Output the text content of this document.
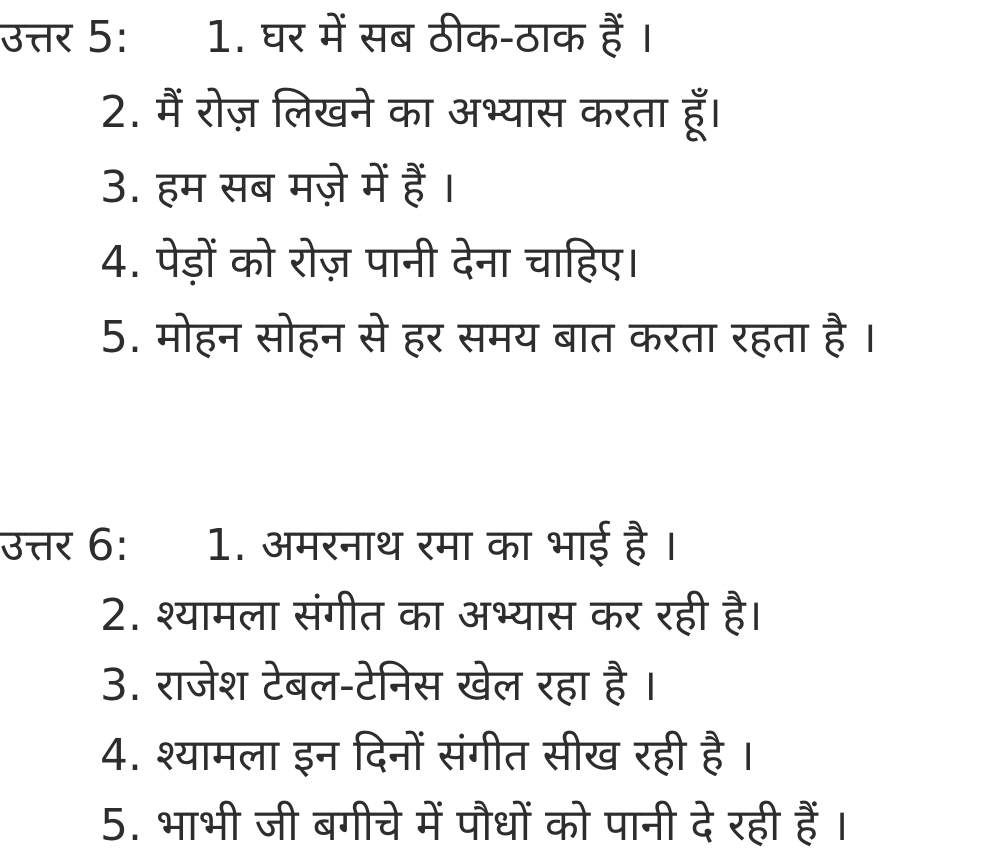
उत्तर 5:	1. घर में सब ठीक-ठाक हैं ।
2. मैं रोज़ लिखने का अभ्यास करता हूँ।
3. हम सब मज़े में हैं ।
4. पेड़ों को रोज़ पानी देना चाहिए।
5. मोहन सोहन से हर समय बात करता रहता है ।
उत्तर 6:	1. अमरनाथ रमा का भाई है ।
2. श्यामला संगीत का अभ्यास कर रही है।
3. राजेश टेबल-टेनिस खेल रहा है ।
4. श्यामला इन दिनों संगीत सीख रही है ।
5. भाभी जी बगीचे में पौधों को पानी दे रही हैं ।
